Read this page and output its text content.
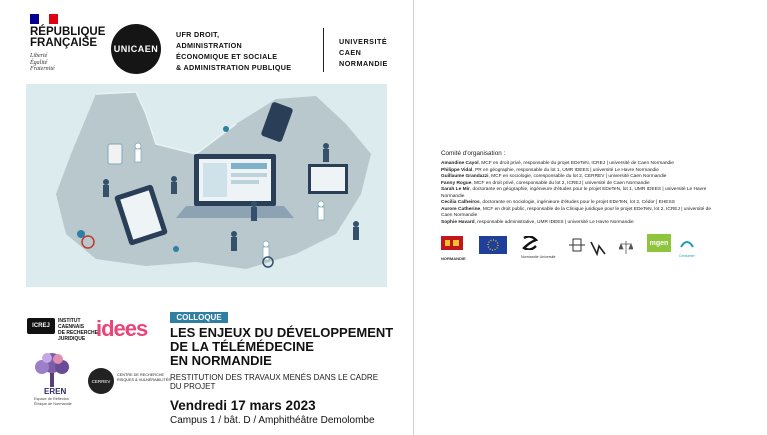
RÉPUBLIQUE
FRANÇAISE
Liberté
Égalité
Fraternité
UNICAEN
UFR DROIT,
ADMINISTRATION
ÉCONOMIQUE ET SOCIALE
& ADMINISTRATION PUBLIQUE
UNIVERSITÉ
CAEN
NORMANDIE
ICREJ
INSTITUT
CAENNAIS
DE RECHERCHE
JURIDIQUE idees
EREN
Espace de Réflexion
Éthique de Normandie
CERREV
CENTRE DE RECHERCHE
RISQUES & VULNÉRABILITÉS
COLLOQUE
LES ENJEUX DU DÉVELOPPEMENT
DE LA TÉLÉMÉDECINE
EN NORMANDIE
RESTITUTION DES TRAVAUX MENÉS DANS LE CADRE
DU PROJET
Vendredi 17 mars 2023
Campus 1 / bât. D / Amphithéâtre Demolombe
Comité d'organisation :
Amandine Cayol, MCF en droit privé, responsable du projet EDeTeN, ICREJ | université de Caen Normandie
Philippe Vidal, PR en géographie, responsable du lot 1, UMR IDEES | université Le Havre Normandie
Guillaume Grandazzi, MCF en sociologie, coresponsable du lot 2, CERREV | université Caen Normandie
Fanny Rogue, MCF en droit privé, coresponsable du lot 2, ICREJ | université de Caen Normandie
Sarah Le Mir, doctorante en géographie, ingénieure d'études pour le projet EDeTeN, lot 1, UMR IDEES | université Le Havre Normandie
Cecilia Calheiros, doctorante en sociologie, ingénieure d'études pour le projet EDeTeN, lot 2, Cédor | EHESS
Aurore Catherine, MCF en droit public, responsable de la Clinique juridique pour le projet EDeTeN, lot 2, ICREJ | université de Caen Normandie
Sophie Havard, responsable administrative, UMR IDEES | université Le Havre Normandie
NORMANDIE	Normandie Université
mgen
Centumer
